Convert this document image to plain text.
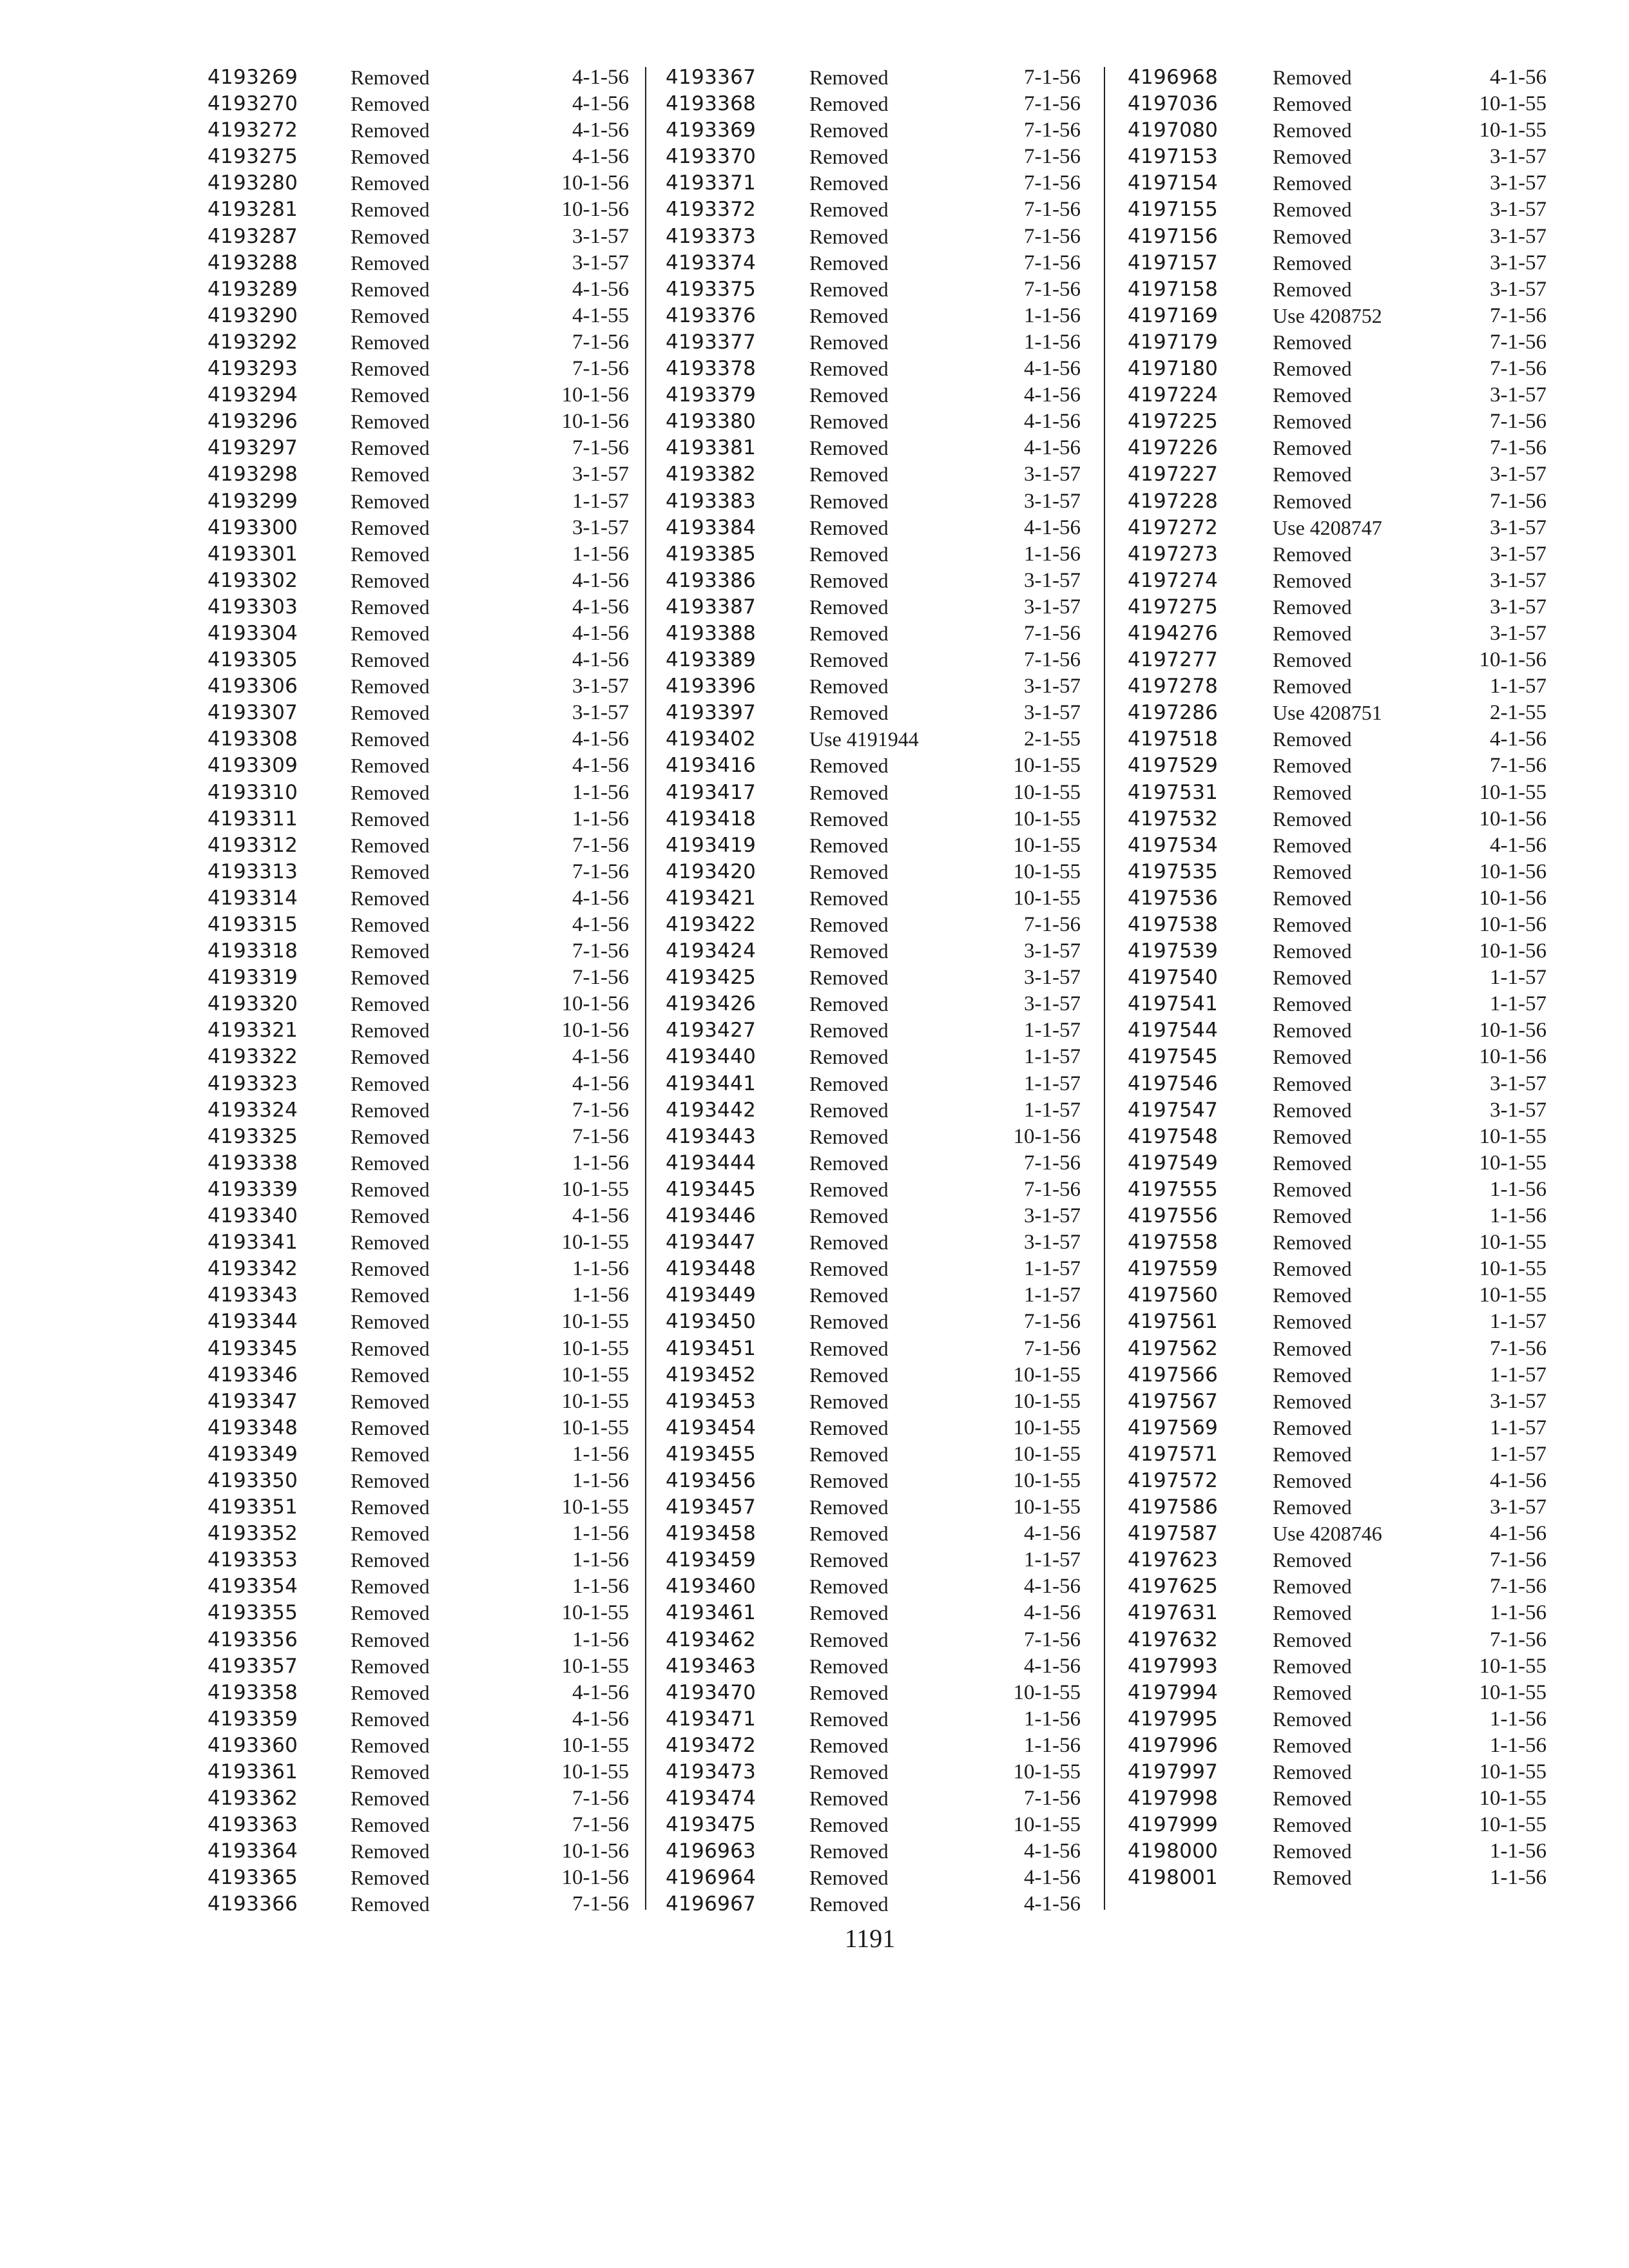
4193269	Removed	4-1-56
4193270	Removed	4-1-56
4193272	Removed	4-1-56
4193275	Removed	4-1-56
4193280	Removed	10-1-56
4193281	Removed	10-1-56
4193287	Removed	3-1-57
4193288	Removed	3-1-57
4193289	Removed	4-1-56
4193290	Removed	4-1-55
4193292	Removed	7-1-56
4193293	Removed	7-1-56
4193294	Removed	10-1-56
4193296	Removed	10-1-56
4193297	Removed	7-1-56
4193298	Removed	3-1-57
4193299	Removed	1-1-57
4193300	Removed	3-1-57
4193301	Removed	1-1-56
4193302	Removed	4-1-56
4193303	Removed	4-1-56
4193304	Removed	4-1-56
4193305	Removed	4-1-56
4193306	Removed	3-1-57
4193307	Removed	3-1-57
4193308	Removed	4-1-56
4193309	Removed	4-1-56
4193310	Removed	1-1-56
4193311	Removed	1-1-56
4193312	Removed	7-1-56
4193313	Removed	7-1-56
4193314	Removed	4-1-56
4193315	Removed	4-1-56
4193318	Removed	7-1-56
4193319	Removed	7-1-56
4193320	Removed	10-1-56
4193321	Removed	10-1-56
4193322	Removed	4-1-56
4193323	Removed	4-1-56
4193324	Removed	7-1-56
4193325	Removed	7-1-56
4193338	Removed	1-1-56
4193339	Removed	10-1-55
4193340	Removed	4-1-56
4193341	Removed	10-1-55
4193342	Removed	1-1-56
4193343	Removed	1-1-56
4193344	Removed	10-1-55
4193345	Removed	10-1-55
4193346	Removed	10-1-55
4193347	Removed	10-1-55
4193348	Removed	10-1-55
4193349	Removed	1-1-56
4193350	Removed	1-1-56
4193351	Removed	10-1-55
4193352	Removed	1-1-56
4193353	Removed	1-1-56
4193354	Removed	1-1-56
4193355	Removed	10-1-55
4193356	Removed	1-1-56
4193357	Removed	10-1-55
4193358	Removed	4-1-56
4193359	Removed	4-1-56
4193360	Removed	10-1-55
4193361	Removed	10-1-55
4193362	Removed	7-1-56
4193363	Removed	7-1-56
4193364	Removed	10-1-56
4193365	Removed	10-1-56
4193366	Removed	7-1-56
4193367	Removed	7-1-56
4193368	Removed	7-1-56
4193369	Removed	7-1-56
4193370	Removed	7-1-56
4193371	Removed	7-1-56
4193372	Removed	7-1-56
4193373	Removed	7-1-56
4193374	Removed	7-1-56
4193375	Removed	7-1-56
4193376	Removed	1-1-56
4193377	Removed	1-1-56
4193378	Removed	4-1-56
4193379	Removed	4-1-56
4193380	Removed	4-1-56
4193381	Removed	4-1-56
4193382	Removed	3-1-57
4193383	Removed	3-1-57
4193384	Removed	4-1-56
4193385	Removed	1-1-56
4193386	Removed	3-1-57
4193387	Removed	3-1-57
4193388	Removed	7-1-56
4193389	Removed	7-1-56
4193396	Removed	3-1-57
4193397	Removed	3-1-57
4193402	Use 4191944	2-1-55
4193416	Removed	10-1-55
4193417	Removed	10-1-55
4193418	Removed	10-1-55
4193419	Removed	10-1-55
4193420	Removed	10-1-55
4193421	Removed	10-1-55
4193422	Removed	7-1-56
4193424	Removed	3-1-57
4193425	Removed	3-1-57
4193426	Removed	3-1-57
4193427	Removed	1-1-57
4193440	Removed	1-1-57
4193441	Removed	1-1-57
4193442	Removed	1-1-57
4193443	Removed	10-1-56
4193444	Removed	7-1-56
4193445	Removed	7-1-56
4193446	Removed	3-1-57
4193447	Removed	3-1-57
4193448	Removed	1-1-57
4193449	Removed	1-1-57
4193450	Removed	7-1-56
4193451	Removed	7-1-56
4193452	Removed	10-1-55
4193453	Removed	10-1-55
4193454	Removed	10-1-55
4193455	Removed	10-1-55
4193456	Removed	10-1-55
4193457	Removed	10-1-55
4193458	Removed	4-1-56
4193459	Removed	1-1-57
4193460	Removed	4-1-56
4193461	Removed	4-1-56
4193462	Removed	7-1-56
4193463	Removed	4-1-56
4193470	Removed	10-1-55
4193471	Removed	1-1-56
4193472	Removed	1-1-56
4193473	Removed	10-1-55
4193474	Removed	7-1-56
4193475	Removed	10-1-55
4196963	Removed	4-1-56
4196964	Removed	4-1-56
4196967	Removed	4-1-56
4196968	Removed	4-1-56
4197036	Removed	10-1-55
4197080	Removed	10-1-55
4197153	Removed	3-1-57
4197154	Removed	3-1-57
4197155	Removed	3-1-57
4197156	Removed	3-1-57
4197157	Removed	3-1-57
4197158	Removed	3-1-57
4197169	Use 4208752	7-1-56
4197179	Removed	7-1-56
4197180	Removed	7-1-56
4197224	Removed	3-1-57
4197225	Removed	7-1-56
4197226	Removed	7-1-56
4197227	Removed	3-1-57
4197228	Removed	7-1-56
4197272	Use 4208747	3-1-57
4197273	Removed	3-1-57
4197274	Removed	3-1-57
4197275	Removed	3-1-57
4194276	Removed	3-1-57
4197277	Removed	10-1-56
4197278	Removed	1-1-57
4197286	Use 4208751	2-1-55
4197518	Removed	4-1-56
4197529	Removed	7-1-56
4197531	Removed	10-1-55
4197532	Removed	10-1-56
4197534	Removed	4-1-56
4197535	Removed	10-1-56
4197536	Removed	10-1-56
4197538	Removed	10-1-56
4197539	Removed	10-1-56
4197540	Removed	1-1-57
4197541	Removed	1-1-57
4197544	Removed	10-1-56
4197545	Removed	10-1-56
4197546	Removed	3-1-57
4197547	Removed	3-1-57
4197548	Removed	10-1-55
4197549	Removed	10-1-55
4197555	Removed	1-1-56
4197556	Removed	1-1-56
4197558	Removed	10-1-55
4197559	Removed	10-1-55
4197560	Removed	10-1-55
4197561	Removed	1-1-57
4197562	Removed	7-1-56
4197566	Removed	1-1-57
4197567	Removed	3-1-57
4197569	Removed	1-1-57
4197571	Removed	1-1-57
4197572	Removed	4-1-56
4197586	Removed	3-1-57
4197587	Use 4208746	4-1-56
4197623	Removed	7-1-56
4197625	Removed	7-1-56
4197631	Removed	1-1-56
4197632	Removed	7-1-56
4197993	Removed	10-1-55
4197994	Removed	10-1-55
4197995	Removed	1-1-56
4197996	Removed	1-1-56
4197997	Removed	10-1-55
4197998	Removed	10-1-55
4197999	Removed	10-1-55
4198000	Removed	1-1-56
4198001	Removed	1-1-56
1191
